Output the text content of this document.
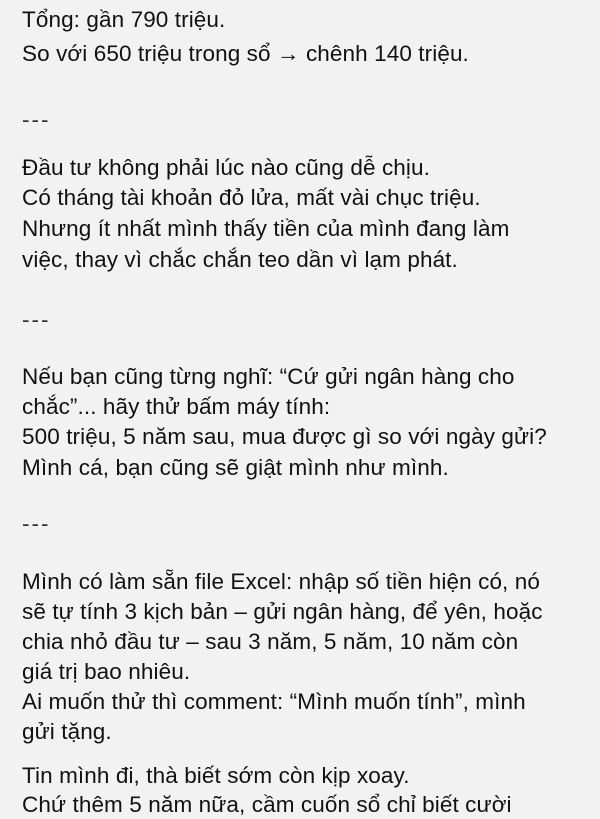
Tổng: gần 790 triệu.
So với 650 triệu trong sổ → chênh 140 triệu.
---
Đầu tư không phải lúc nào cũng dễ chịu.
Có tháng tài khoản đỏ lửa, mất vài chục triệu.
Nhưng ít nhất mình thấy tiền của mình đang làm
việc, thay vì chắc chắn teo dần vì lạm phát.
---
Nếu bạn cũng từng nghĩ: “Cứ gửi ngân hàng cho
chắc”... hãy thử bấm máy tính:
500 triệu, 5 năm sau, mua được gì so với ngày gửi?
Mình cá, bạn cũng sẽ giật mình như mình.
---
Mình có làm sẵn file Excel: nhập số tiền hiện có, nó
sẽ tự tính 3 kịch bản – gửi ngân hàng, để yên, hoặc
chia nhỏ đầu tư – sau 3 năm, 5 năm, 10 năm còn
giá trị bao nhiêu.
Ai muốn thử thì comment: “Mình muốn tính”, mình
gửi tặng.
Tin mình đi, thà biết sớm còn kịp xoay.
Chứ thêm 5 năm nữa, cầm cuốn sổ chỉ biết cười
